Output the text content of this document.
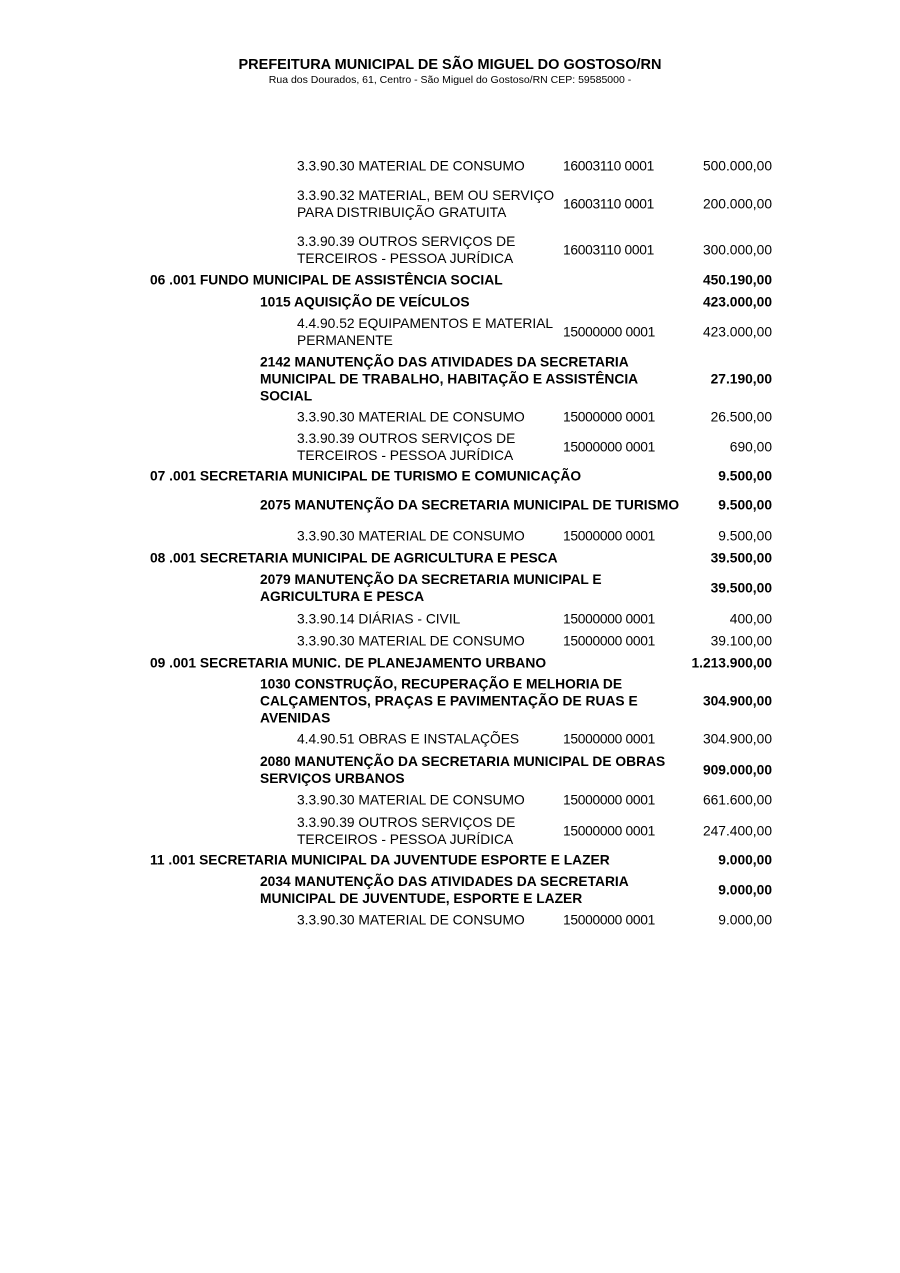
PREFEITURA MUNICIPAL DE SÃO MIGUEL DO GOSTOSO/RN
Rua dos Dourados, 61, Centro - São Miguel do Gostoso/RN CEP: 59585000 -
3.3.90.30 MATERIAL DE CONSUMO	16003110 0001	500.000,00
3.3.90.32 MATERIAL, BEM OU SERVIÇO PARA DISTRIBUIÇÃO GRATUITA
16003110 0001	200.000,00
3.3.90.39 OUTROS SERVIÇOS DE TERCEIROS - PESSOA JURÍDICA
16003110 0001	300.000,00
06 .001 FUNDO MUNICIPAL DE ASSISTÊNCIA SOCIAL	450.190,00
1015 AQUISIÇÃO DE VEÍCULOS	423.000,00
4.4.90.52 EQUIPAMENTOS E MATERIAL PERMANENTE
15000000 0001	423.000,00
2142 MANUTENÇÃO DAS ATIVIDADES DA SECRETARIA MUNICIPAL DE TRABALHO, HABITAÇÃO E ASSISTÊNCIA SOCIAL
27.190,00
3.3.90.30 MATERIAL DE CONSUMO	15000000 0001	26.500,00
3.3.90.39 OUTROS SERVIÇOS DE TERCEIROS - PESSOA JURÍDICA
15000000 0001	690,00
07 .001 SECRETARIA MUNICIPAL DE TURISMO E COMUNICAÇÃO	9.500,00
2075 MANUTENÇÃO DA SECRETARIA MUNICIPAL DE TURISMO	9.500,00
3.3.90.30 MATERIAL DE CONSUMO	15000000 0001	9.500,00
08 .001 SECRETARIA MUNICIPAL DE AGRICULTURA E PESCA	39.500,00
2079 MANUTENÇÃO DA SECRETARIA MUNICIPAL E AGRICULTURA E PESCA
39.500,00
3.3.90.14 DIÁRIAS - CIVIL	15000000 0001	400,00
3.3.90.30 MATERIAL DE CONSUMO	15000000 0001	39.100,00
09 .001 SECRETARIA MUNIC. DE PLANEJAMENTO URBANO	1.213.900,00
1030 CONSTRUÇÃO, RECUPERAÇÃO E MELHORIA DE CALÇAMENTOS, PRAÇAS E PAVIMENTAÇÃO DE RUAS E AVENIDAS
304.900,00
4.4.90.51 OBRAS E INSTALAÇÕES	15000000 0001	304.900,00
2080 MANUTENÇÃO DA SECRETARIA MUNICIPAL DE OBRAS SERVIÇOS URBANOS
909.000,00
3.3.90.30 MATERIAL DE CONSUMO	15000000 0001	661.600,00
3.3.90.39 OUTROS SERVIÇOS DE TERCEIROS - PESSOA JURÍDICA
15000000 0001	247.400,00
11 .001 SECRETARIA MUNICIPAL DA JUVENTUDE ESPORTE E LAZER	9.000,00
2034 MANUTENÇÃO DAS ATIVIDADES DA SECRETARIA MUNICIPAL DE JUVENTUDE, ESPORTE E LAZER
9.000,00
3.3.90.30 MATERIAL DE CONSUMO	15000000 0001	9.000,00
